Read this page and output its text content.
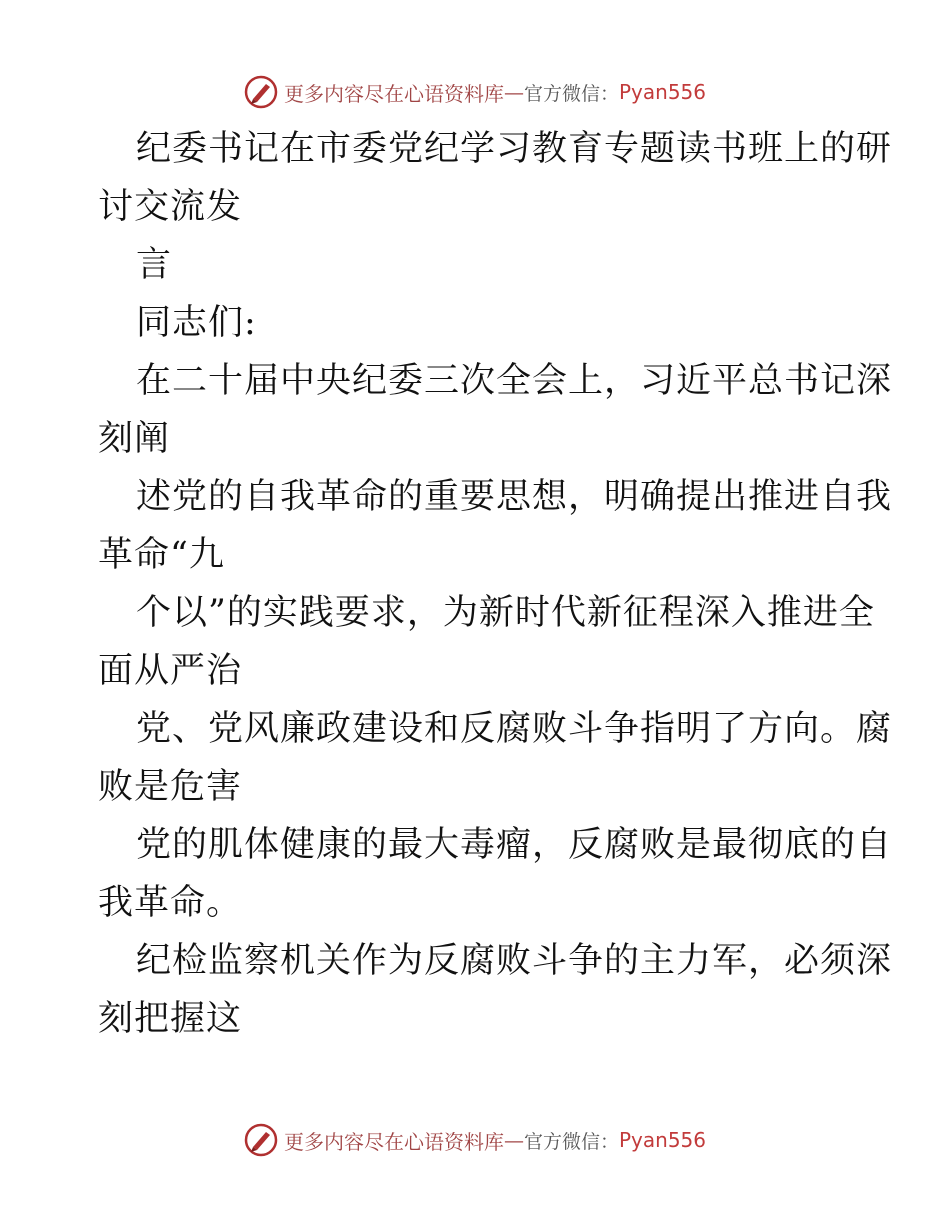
更多内容尽在心语资料库 — 官方微信： Pyan556
纪委书记在市委党纪学习教育专题读书班上的研
讨交流发
言
同志们:
在二十届中央纪委三次全会上，习近平总书记深
刻阐
述党的自我革命的重要思想，明确提出推进自我
革命“九
个以”的实践要求，为新时代新征程深入推进全
面从严治
党、党风廉政建设和反腐败斗争指明了方向。腐
败是危害
党的肌体健康的最大毒瘤，反腐败是最彻底的自
我革命。
纪检监察机关作为反腐败斗争的主力军，必须深
刻把握这
更多内容尽在心语资料库 — 官方微信： Pyan556
